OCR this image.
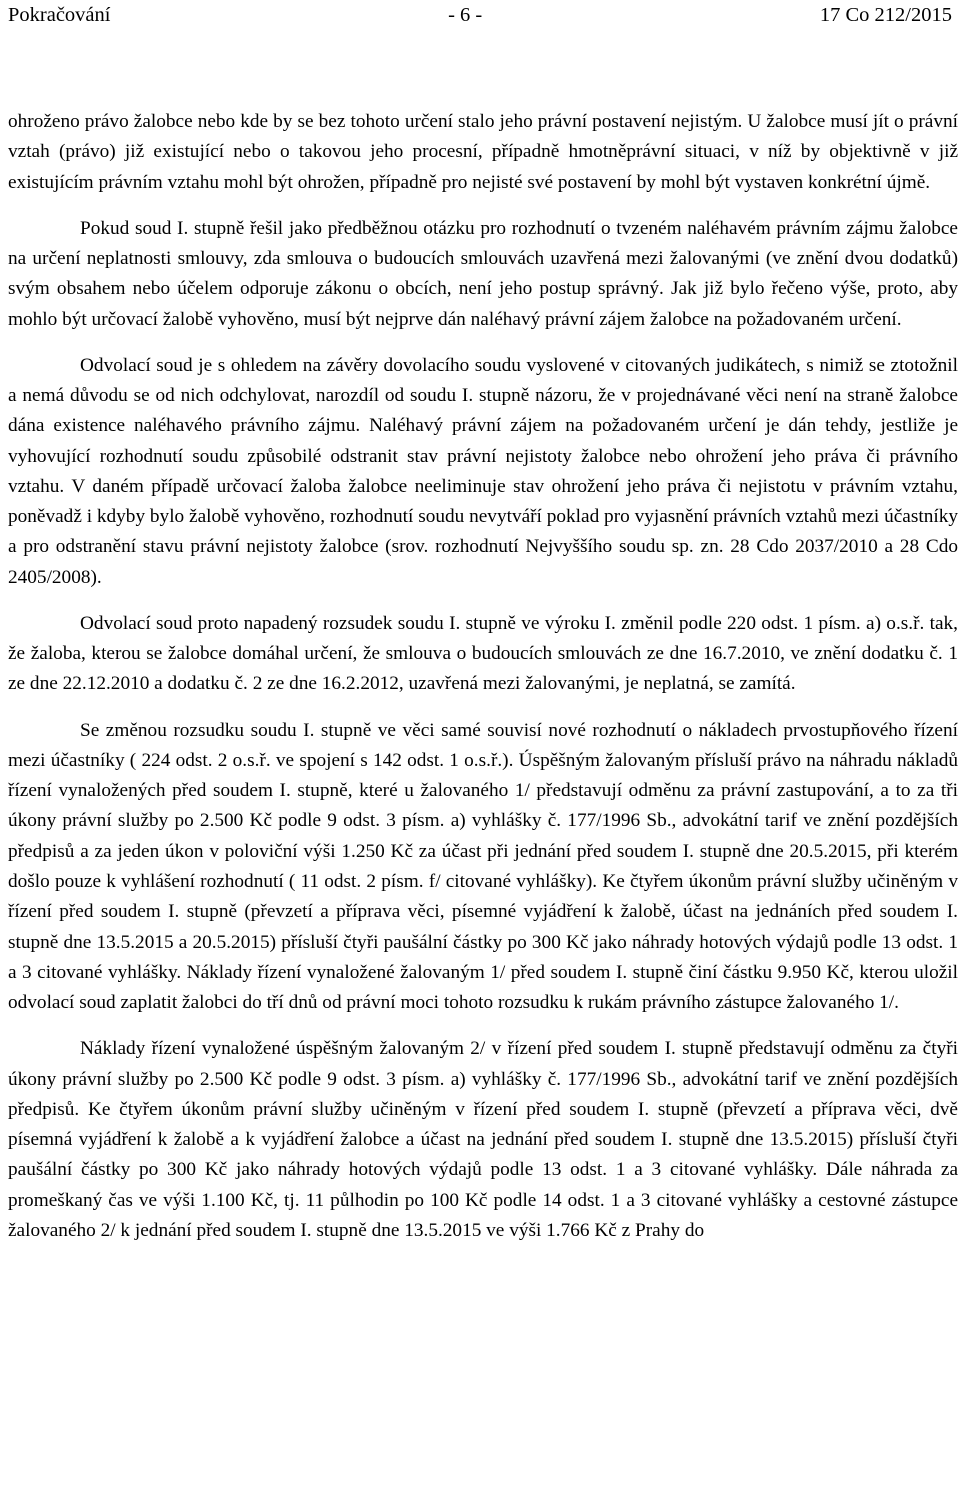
Pokračování	- 6 -	17 Co 212/2015

ohroženo právo žalobce nebo kde by se bez tohoto určení stalo jeho právní postavení nejistým. U žalobce musí jít o právní vztah (právo) již existující nebo o takovou jeho procesní, případně hmotněprávní situaci, v níž by objektivně v již existujícím právním vztahu mohl být ohrožen, případně pro nejisté své postavení by mohl být vystaven konkrétní újmě.

Pokud soud I. stupně řešil jako předběžnou otázku pro rozhodnutí o tvzeném naléhavém právním zájmu žalobce na určení neplatnosti smlouvy, zda smlouva o budoucích smlouvách uzavřená mezi žalovanými (ve znění dvou dodatků) svým obsahem nebo účelem odporuje zákonu o obcích, není jeho postup správný. Jak již bylo řečeno výše, proto, aby mohlo být určovací žalobě vyhověno, musí být nejprve dán naléhavý právní zájem žalobce na požadovaném určení.

Odvolací soud je s ohledem na závěry dovolacího soudu vyslovené v citovaných judikátech, s nimiž se ztotožnil a nemá důvodu se od nich odchylovat, narozdíl od soudu I. stupně názoru, že v projednávané věci není na straně žalobce dána existence naléhavého právního zájmu. Naléhavý právní zájem na požadovaném určení je dán tehdy, jestliže je vyhovující rozhodnutí soudu způsobilé odstranit stav právní nejistoty žalobce nebo ohrožení jeho práva či právního vztahu. V daném případě určovací žaloba žalobce neeliminuje stav ohrožení jeho práva či nejistotu v právním vztahu, poněvadž i kdyby bylo žalobě vyhověno, rozhodnutí soudu nevytváří poklad pro vyjasnění právních vztahů mezi účastníky a pro odstranění stavu právní nejistoty žalobce (srov. rozhodnutí Nejvyššího soudu sp. zn. 28 Cdo 2037/2010 a 28 Cdo 2405/2008).

Odvolací soud proto napadený rozsudek soudu I. stupně ve výroku I. změnil podle 220 odst. 1 písm. a) o.s.ř. tak, že žaloba, kterou se žalobce domáhal určení, že smlouva o budoucích smlouvách ze dne 16.7.2010, ve znění dodatku č. 1 ze dne 22.12.2010 a dodatku č. 2 ze dne 16.2.2012, uzavřená mezi žalovanými, je neplatná, se zamítá.

Se změnou rozsudku soudu I. stupně ve věci samé souvisí nové rozhodnutí o nákladech prvostupňového řízení mezi účastníky ( 224 odst. 2 o.s.ř. ve spojení s 142 odst. 1 o.s.ř.). Úspěšným žalovaným přísluší právo na náhradu nákladů řízení vynaložených před soudem I. stupně, které u žalovaného 1/ představují odměnu za právní zastupování, a to za tři úkony právní služby po 2.500 Kč podle 9 odst. 3 písm. a) vyhlášky č. 177/1996 Sb., advokátní tarif ve znění pozdějších předpisů a za jeden úkon v poloviční výši 1.250 Kč za účast při jednání před soudem I. stupně dne 20.5.2015, při kterém došlo pouze k vyhlášení rozhodnutí ( 11 odst. 2 písm. f/ citované vyhlášky). Ke čtyřem úkonům právní služby učiněným v řízení před soudem I. stupně (převzetí a příprava věci, písemné vyjádření k žalobě, účast na jednáních před soudem I. stupně dne 13.5.2015 a 20.5.2015) přísluší čtyři paušální částky po 300 Kč jako náhrady hotových výdajů podle 13 odst. 1 a 3 citované vyhlášky. Náklady řízení vynaložené žalovaným 1/ před soudem I. stupně činí částku 9.950 Kč, kterou uložil odvolací soud zaplatit žalobci do tří dnů od právní moci tohoto rozsudku k rukám právního zástupce žalovaného 1/.

Náklady řízení vynaložené úspěšným žalovaným 2/ v řízení před soudem I. stupně představují odměnu za čtyři úkony právní služby po 2.500 Kč podle 9 odst. 3 písm. a) vyhlášky č. 177/1996 Sb., advokátní tarif ve znění pozdějších předpisů. Ke čtyřem úkonům právní služby učiněným v řízení před soudem I. stupně (převzetí a příprava věci, dvě písemná vyjádření k žalobě a k vyjádření žalobce a účast na jednání před soudem I. stupně dne 13.5.2015) přísluší čtyři paušální částky po 300 Kč jako náhrady hotových výdajů podle 13 odst. 1 a 3 citované vyhlášky. Dále náhrada za promeškaný čas ve výši 1.100 Kč, tj. 11 půlhodin po 100 Kč podle 14 odst. 1 a 3 citované vyhlášky a cestovné zástupce žalovaného 2/ k jednání před soudem I. stupně dne 13.5.2015 ve výši 1.766 Kč z Prahy do
